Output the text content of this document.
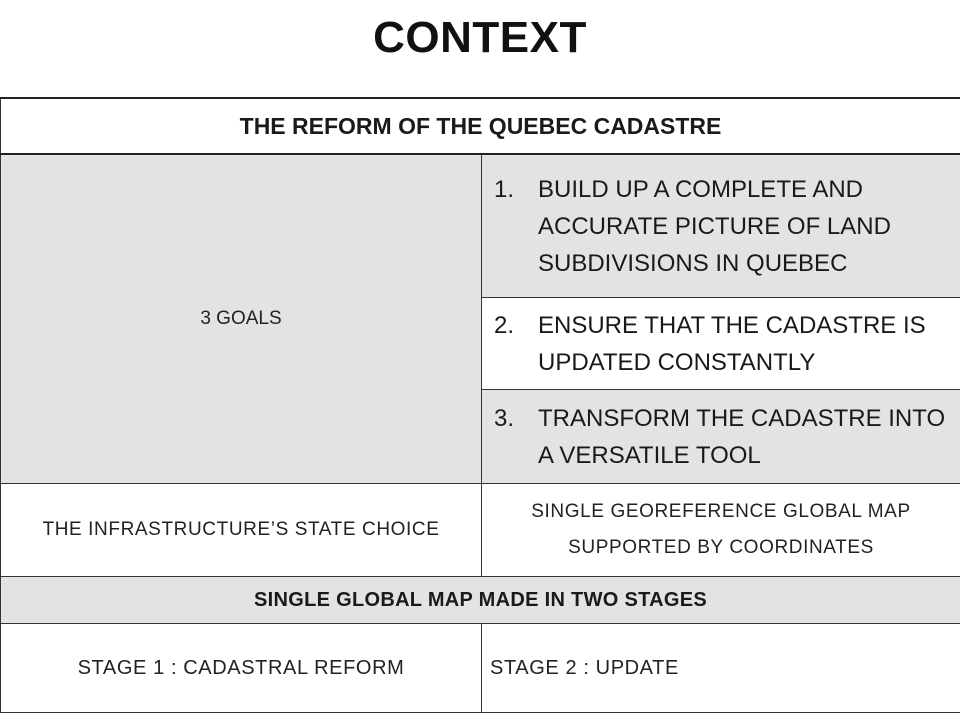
CONTEXT
THE REFORM OF THE QUEBEC CADASTRE	
3 GOALS	1. BUILD UP A COMPLETE AND ACCURATE PICTURE OF LAND SUBDIVISIONS IN QUEBEC

	2. ENSURE THAT THE CADASTRE IS UPDATED CONSTANTLY

	3. TRANSFORM THE CADASTRE INTO A VERSATILE TOOL

THE INFRASTRUCTURE’S STATE CHOICE	SINGLE GEOREFERENCE GLOBAL MAP SUPPORTED BY COORDINATES

SINGLE GLOBAL MAP MADE IN TWO STAGES	
STAGE 1 : CADASTRAL REFORM	STAGE 2 : UPDATE
